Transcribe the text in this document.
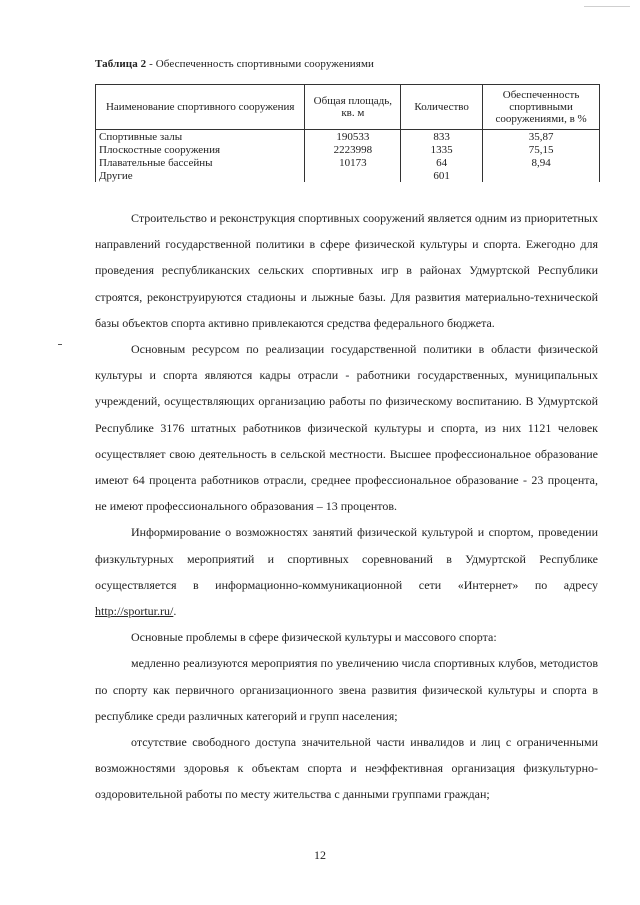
Таблица 2 - Обеспеченность спортивными сооружениями
Наименование спортивного сооружения	Общая площадь, кв. м	Количество	Обеспеченность спортивными сооружениями, в %
Спортивные залы	190533	833	35,87
Плоскостные сооружения	2223998	1335	75,15
Плавательные бассейны	10173	64	8,94
Другие		601	

Строительство и реконструкция спортивных сооружений является одним из приоритетных направлений государственной политики в сфере физической культуры и спорта. Ежегодно для проведения республиканских сельских спортивных игр в районах Удмуртской Республики строятся, реконструируются стадионы и лыжные базы. Для развития материально-технической базы объектов спорта активно привлекаются средства федерального бюджета.

Основным ресурсом по реализации государственной политики в области физической культуры и спорта являются кадры отрасли - работники государственных, муниципальных учреждений, осуществляющих организацию работы по физическому воспитанию. В Удмуртской Республике 3176 штатных работников физической культуры и спорта, из них 1121 человек осуществляет свою деятельность в сельской местности. Высшее профессиональное образование имеют 64 процента работников отрасли, среднее профессиональное образование - 23 процента, не имеют профессионального образования – 13 процентов.

Информирование о возможностях занятий физической культурой и спортом, проведении физкультурных мероприятий и спортивных соревнований в Удмуртской Республике осуществляется в информационно-коммуникационной сети «Интернет» по адресу http://sportur.ru/.

Основные проблемы в сфере физической культуры и массового спорта:

медленно реализуются мероприятия по увеличению числа спортивных клубов, методистов по спорту как первичного организационного звена развития физической культуры и спорта в республике среди различных категорий и групп населения;

отсутствие свободного доступа значительной части инвалидов и лиц с ограниченными возможностями здоровья к объектам спорта и неэффективная организация физкультурно-оздоровительной работы по месту жительства с данными группами граждан;

12
